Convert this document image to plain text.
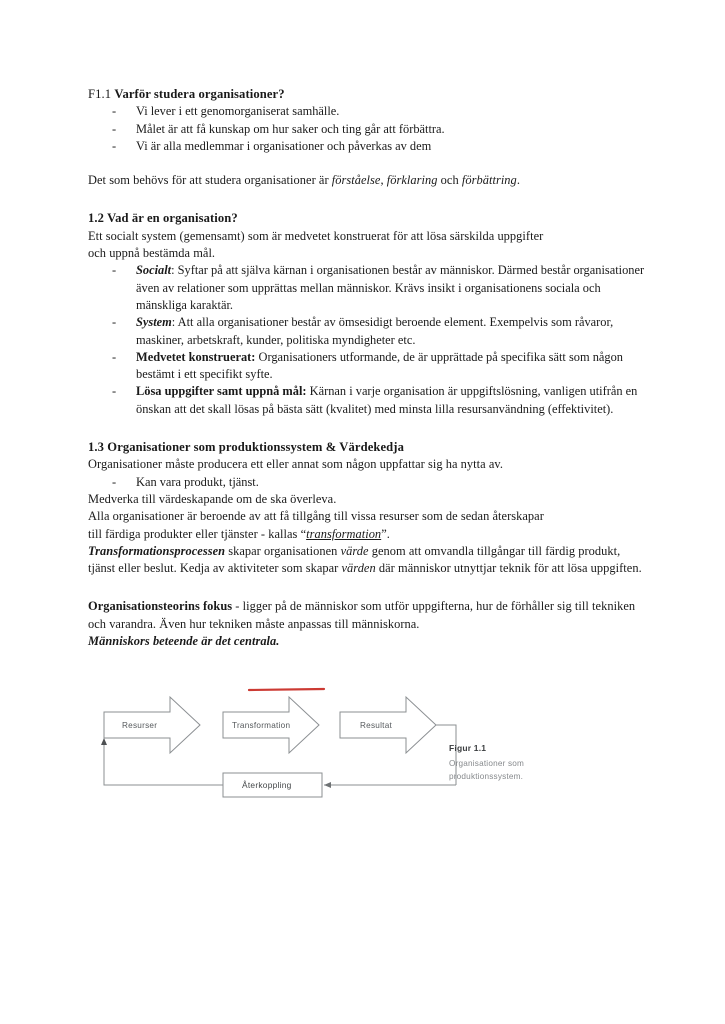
F1.1 Varför studera organisationer?
- Vi lever i ett genomorganiserat samhälle.
- Målet är att få kunskap om hur saker och ting går att förbättra.
- Vi är alla medlemmar i organisationer och påverkas av dem

Det som behövs för att studera organisationer är förståelse, förklaring och förbättring.

1.2 Vad är en organisation?

Ett socialt system (gemensamt) som är medvetet konstruerat för att lösa särskilda uppgifter

och uppnå bestämda mål.

- Socialt: Syftar på att själva kärnan i organisationen består av människor. Därmed består organisationer även av relationer som upprättas mellan människor. Krävs insikt i organisationens sociala och mänskliga karaktär.
- System: Att alla organisationer består av ömsesidigt beroende element. Exempelvis som råvaror, maskiner, arbetskraft, kunder, politiska myndigheter etc.
- Medvetet konstruerat: Organisationers utformande, de är upprättade på specifika sätt som någon bestämt i ett specifikt syfte.
- Lösa uppgifter samt uppnå mål: Kärnan i varje organisation är uppgiftslösning, vanligen utifrån en önskan att det skall lösas på bästa sätt (kvalitet) med minsta lilla resursanvändning (effektivitet).
1.3 Organisationer som produktionssystem & Värdekedja

Organisationer måste producera ett eller annat som någon uppfattar sig ha nytta av.

- Kan vara produkt, tjänst.

Medverka till värdeskapande om de ska överleva.

Alla organisationer är beroende av att få tillgång till vissa resurser som de sedan återskapar

till färdiga produkter eller tjänster - kallas “transformation”.

Transformationsprocessen skapar organisationen värde genom att omvandla tillgångar till färdig produkt, tjänst eller beslut. Kedja av aktiviteter som skapar värden där människor utnyttjar teknik för att lösa uppgiften.

Organisationsteorins fokus - ligger på de människor som utför uppgifterna, hur de förhåller sig till tekniken och varandra. Även hur tekniken måste anpassas till människorna.

Människors beteende är det centrala.

Resurser	Transformation	Resultat
Återkoppling
Figur 1.1
Organisationer som
produktionssystem.
